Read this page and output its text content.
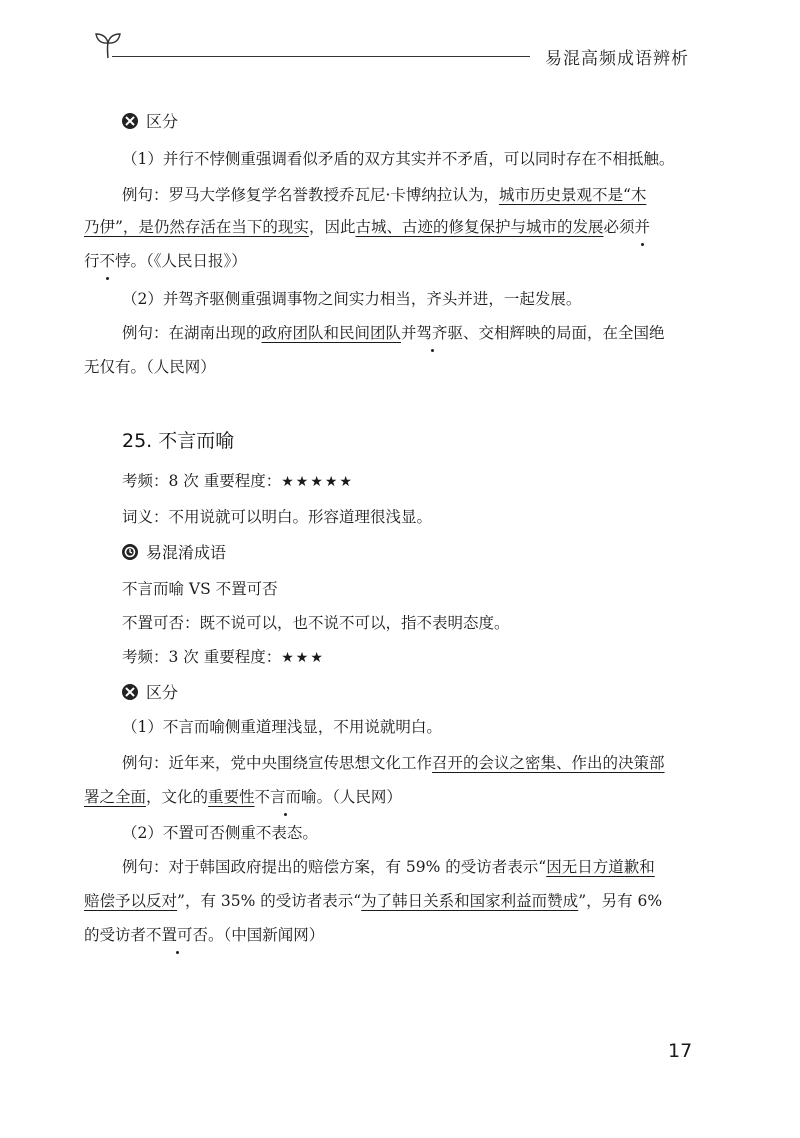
易混高频成语辨析
区分
（1）并行不悖侧重强调看似矛盾的双方其实并不矛盾，可以同时存在不相抵触。
例句：罗马大学修复学名誉教授乔瓦尼·卡博纳拉认为，城市历史景观不是“木
乃伊”，是仍然存活在当下的现实，因此古城、古迹的修复保护与城市的发展必须并
行不悖。（《人民日报》）
（2）并驾齐驱侧重强调事物之间实力相当，齐头并进，一起发展。
例句：在湖南出现的政府团队和民间团队并驾齐驱、交相辉映的局面，在全国绝
无仅有。（人民网）
25. 不言而喻
考频：8 次 重要程度：★★★★★
词义：不用说就可以明白。形容道理很浅显。
易混淆成语
不言而喻 VS 不置可否
不置可否：既不说可以，也不说不可以，指不表明态度。
考频：3 次 重要程度：★★★
区分
（1）不言而喻侧重道理浅显，不用说就明白。
例句：近年来，党中央围绕宣传思想文化工作召开的会议之密集、作出的决策部
署之全面，文化的重要性不言而喻。（人民网）
（2）不置可否侧重不表态。
例句：对于韩国政府提出的赔偿方案，有 59% 的受访者表示“因无日方道歉和
赔偿予以反对”，有 35% 的受访者表示“为了韩日关系和国家利益而赞成”，另有 6%
的受访者不置可否。（中国新闻网）
17
